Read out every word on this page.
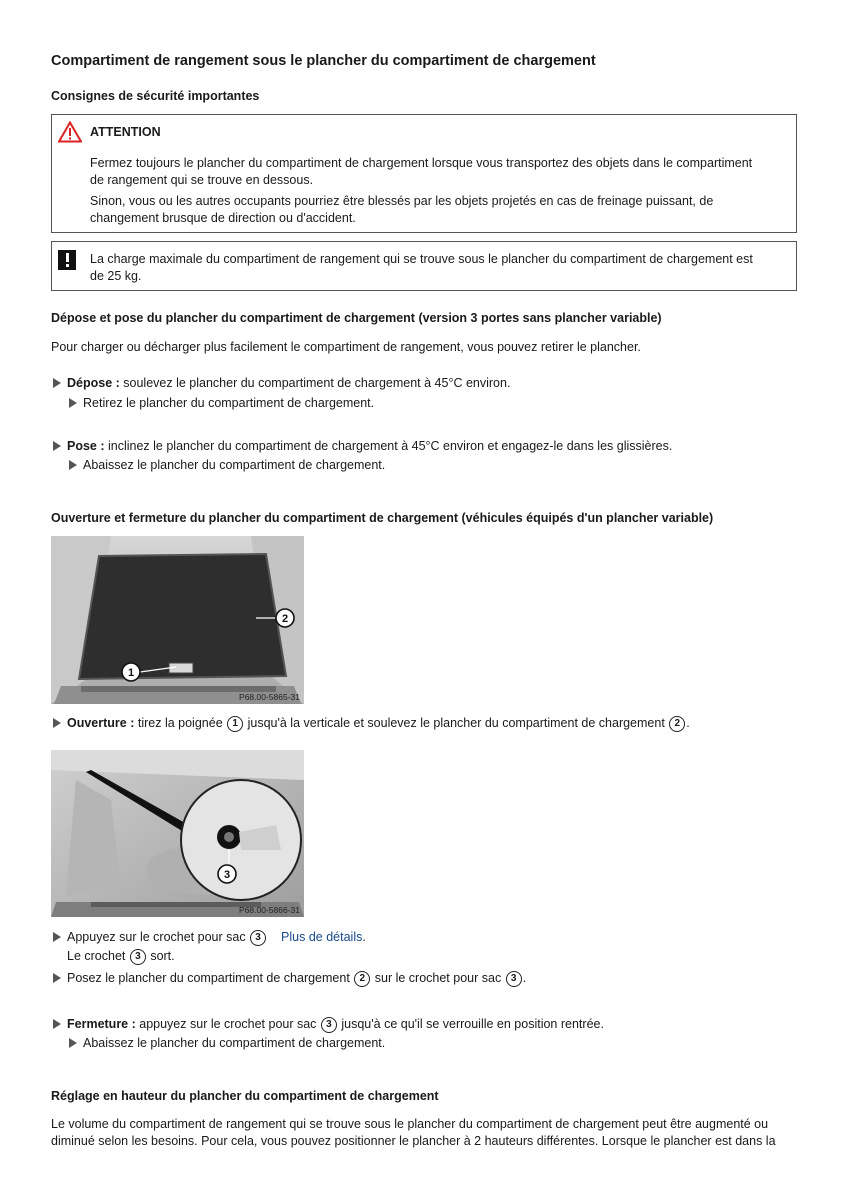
Compartiment de rangement sous le plancher du compartiment de chargement
Consignes de sécurité importantes
ATTENTION
Fermez toujours le plancher du compartiment de chargement lorsque vous transportez des objets dans le compartiment
de rangement qui se trouve en dessous.
Sinon, vous ou les autres occupants pourriez être blessés par les objets projetés en cas de freinage puissant, de
changement brusque de direction ou d'accident.
La charge maximale du compartiment de rangement qui se trouve sous le plancher du compartiment de chargement est
de 25 kg.
Dépose et pose du plancher du compartiment de chargement (version 3 portes sans plancher variable)
Pour charger ou décharger plus facilement le compartiment de rangement, vous pouvez retirer le plancher.
Dépose : soulevez le plancher du compartiment de chargement à 45°C environ.
Retirez le plancher du compartiment de chargement.
Pose : inclinez le plancher du compartiment de chargement à 45°C environ et engagez-le dans les glissières.
Abaissez le plancher du compartiment de chargement.
Ouverture et fermeture du plancher du compartiment de chargement (véhicules équipés d'un plancher variable)
2
1
P68.00-5865-31
Ouverture : tirez la poignée 1 jusqu'à la verticale et soulevez le plancher du compartiment de chargement 2 .
3
P68.00-5866-31
Appuyez sur le crochet pour sac 3 Plus de détails.
Le crochet 3 sort.
Posez le plancher du compartiment de chargement 2 sur le crochet pour sac 3 .
Fermeture : appuyez sur le crochet pour sac 3 jusqu'à ce qu'il se verrouille en position rentrée.
Abaissez le plancher du compartiment de chargement.
Réglage en hauteur du plancher du compartiment de chargement
Le volume du compartiment de rangement qui se trouve sous le plancher du compartiment de chargement peut être augmenté ou
diminué selon les besoins. Pour cela, vous pouvez positionner le plancher à 2 hauteurs différentes. Lorsque le plancher est dans la
